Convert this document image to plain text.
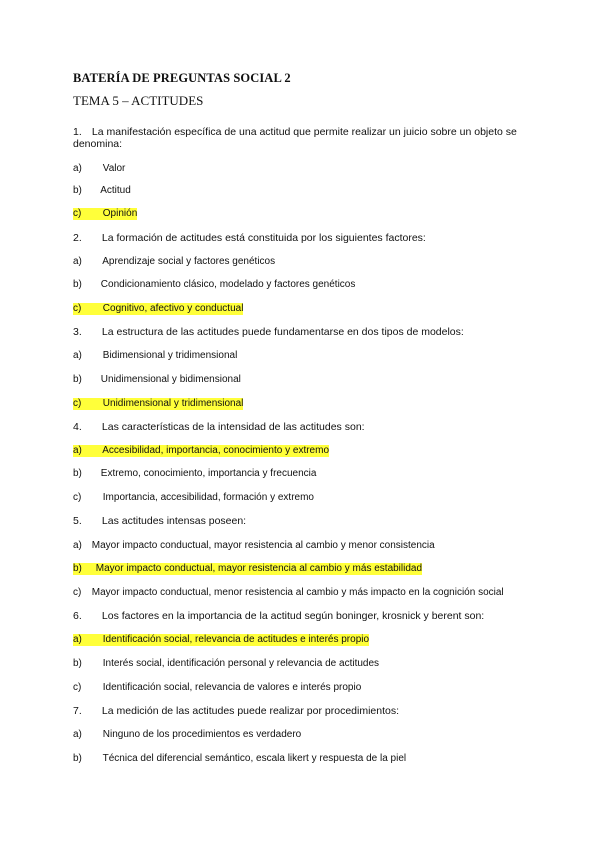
BATERÍA DE PREGUNTAS SOCIAL 2
TEMA 5 – ACTITUDES
1. La manifestación específica de una actitud que permite realizar un juicio sobre un objeto se denomina:
a) Valor
b) Actitud
c) Opinión
2. La formación de actitudes está constituida por los siguientes factores:
a) Aprendizaje social y factores genéticos
b) Condicionamiento clásico, modelado y factores genéticos
c) Cognitivo, afectivo y conductual
3. La estructura de las actitudes puede fundamentarse en dos tipos de modelos:
a) Bidimensional y tridimensional
b) Unidimensional y bidimensional
c) Unidimensional y tridimensional
4. Las características de la intensidad de las actitudes son:
a) Accesibilidad, importancia, conocimiento y extremo
b) Extremo, conocimiento, importancia y frecuencia
c) Importancia, accesibilidad, formación y extremo
5. Las actitudes intensas poseen:
a) Mayor impacto conductual, mayor resistencia al cambio y menor consistencia
b) Mayor impacto conductual, mayor resistencia al cambio y más estabilidad
c) Mayor impacto conductual, menor resistencia al cambio y más impacto en la cognición social
6. Los factores en la importancia de la actitud según boninger, krosnick y berent son:
a) Identificación social, relevancia de actitudes e interés propio
b) Interés social, identificación personal y relevancia de actitudes
c) Identificación social, relevancia de valores e interés propio
7. La medición de las actitudes puede realizar por procedimientos:
a) Ninguno de los procedimientos es verdadero
b) Técnica del diferencial semántico, escala likert y respuesta de la piel
